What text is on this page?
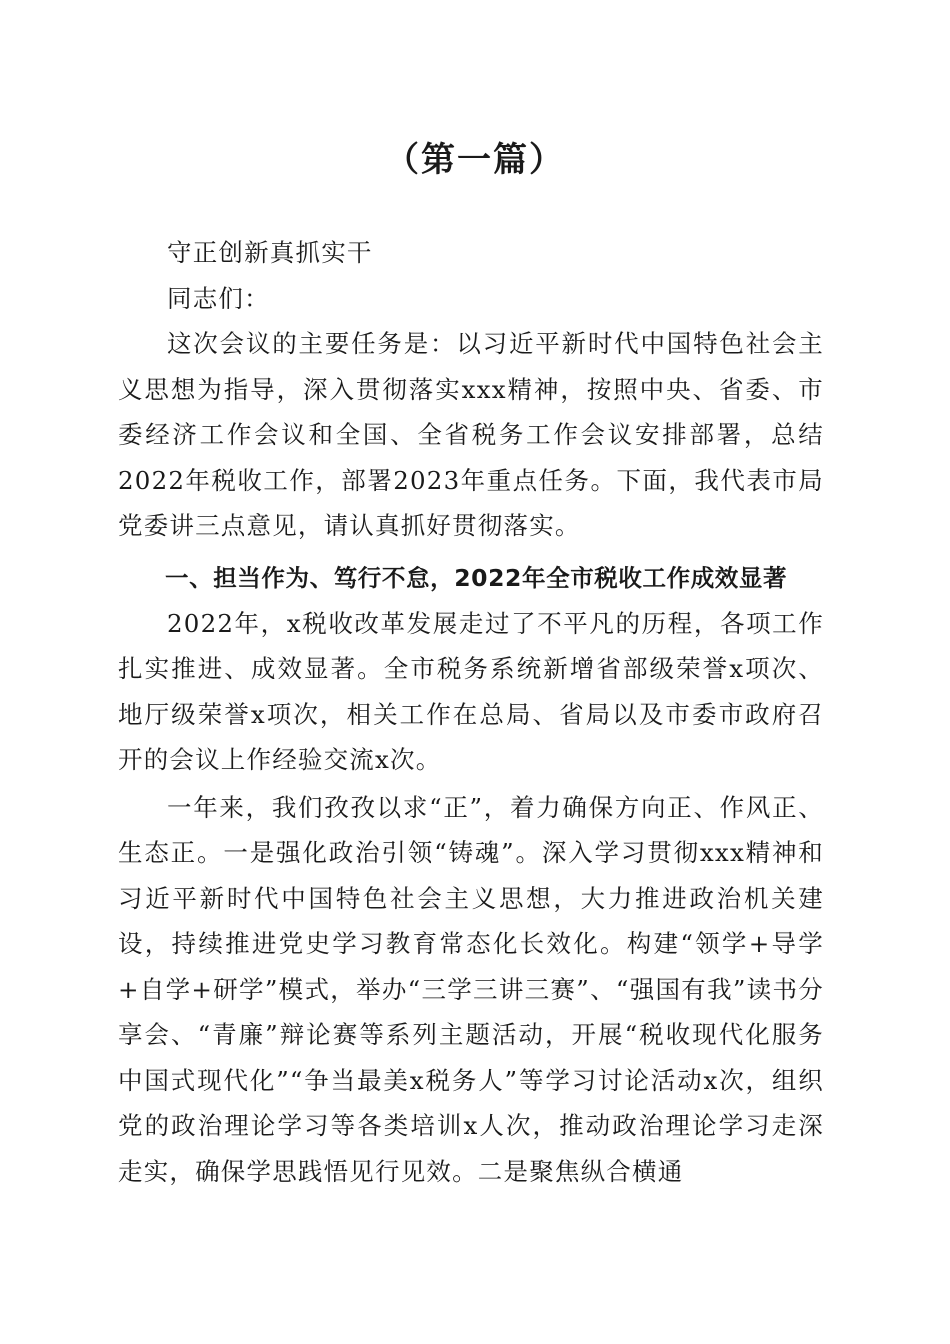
（第一篇）

守正创新真抓实干

同志们：

这次会议的主要任务是：以习近平新时代中国特色社会主义思想为指导，深入贯彻落实xxx精神，按照中央、省委、市委经济工作会议和全国、全省税务工作会议安排部署，总结2022年税收工作，部署2023年重点任务。下面，我代表市局党委讲三点意见，请认真抓好贯彻落实。

一、担当作为、笃行不怠，2022年全市税收工作成效显著

2022年，x税收改革发展走过了不平凡的历程，各项工作扎实推进、成效显著。全市税务系统新增省部级荣誉x项次、地厅级荣誉x项次，相关工作在总局、省局以及市委市政府召开的会议上作经验交流x次。

一年来，我们孜孜以求“正”，着力确保方向正、作风正、生态正。一是强化政治引领“铸魂”。深入学习贯彻xxx精神和习近平新时代中国特色社会主义思想，大力推进政治机关建设，持续推进党史学习教育常态化长效化。构建“领学+导学+自学+研学”模式，举办“三学三讲三赛”、“强国有我”读书分享会、“青廉”辩论赛等系列主题活动，开展“税收现代化服务中国式现代化”“争当最美x税务人”等学习讨论活动x次，组织党的政治理论学习等各类培训x人次，推动政治理论学习走深走实，确保学思践悟见行见效。二是聚焦纵合横通
